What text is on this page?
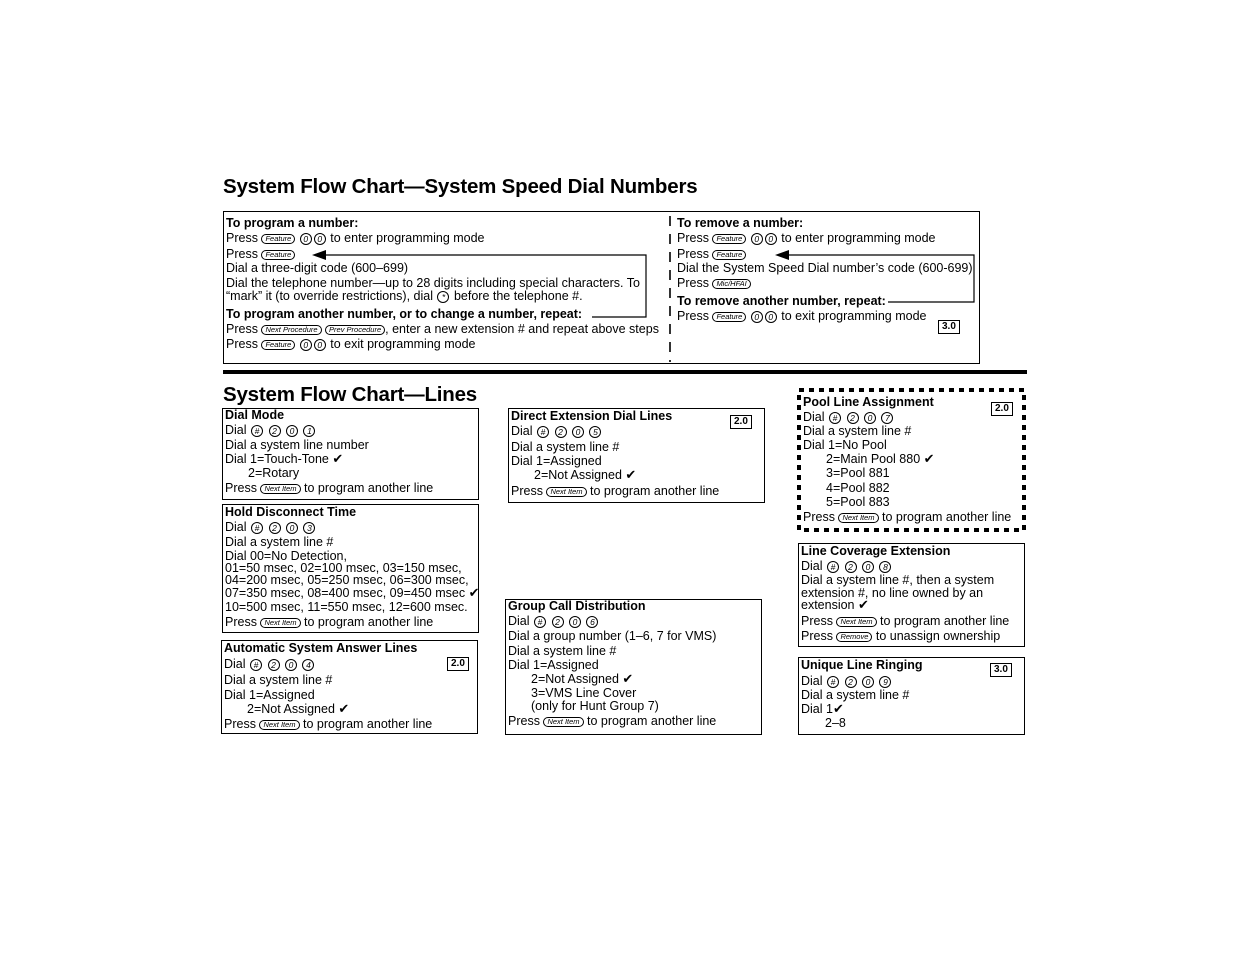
System Flow Chart—System Speed Dial Numbers
To program a number:
Press Feature 0 0 to enter programming mode
Press Feature
Dial a three-digit code (600–699)
Dial the telephone number—up to 28 digits including special characters. To
“mark” it (to override restrictions), dial * before the telephone #.
To program another number, or to change a number, repeat:
Press Next Procedure Prev Procedure , enter a new extension # and repeat above steps
Press Feature 0 0 to exit programming mode
To remove a number:
Press Feature 0 0 to enter programming mode
Press Feature
Dial the System Speed Dial number’s code (600-699)
Press Mic/HFAI
To remove another number, repeat:
Press Feature 0 0 to exit programming mode
3.0
System Flow Chart—Lines
Dial Mode
Dial # 2 0 1
Dial a system line number
Dial 1=Touch-Tone ✔
2=Rotary
Press Next Item to program another line
Hold Disconnect Time
Dial # 2 0 3
Dial a system line #
Dial 00=No Detection,
01=50 msec, 02=100 msec, 03=150 msec,
04=200 msec, 05=250 msec, 06=300 msec,
07=350 msec, 08=400 msec, 09=450 msec ✔
10=500 msec, 11=550 msec, 12=600 msec.
Press Next Item to program another line
Automatic System Answer Lines
2.0
Dial # 2 0 4
Dial a system line #
Dial 1=Assigned
2=Not Assigned ✔
Press Next Item to program another line
Direct Extension Dial Lines	2.0
Dial # 2 0 5
Dial a system line #
Dial 1=Assigned
2=Not Assigned ✔
Press Next Item to program another line
Group Call Distribution
Dial # 2 0 6
Dial a group number (1–6, 7 for VMS)
Dial a system line #
Dial 1=Assigned
2=Not Assigned ✔
3=VMS Line Cover
(only for Hunt Group 7)
Press Next Item to program another line
Pool Line Assignment	2.0
Dial # 2 0 7
Dial a system line #
Dial 1=No Pool
2=Main Pool 880 ✔
3=Pool 881
4=Pool 882
5=Pool 883
Press Next Item to program another line
Line Coverage Extension
Dial # 2 0 8
Dial a system line #, then a system
extension #, no line owned by an
extension ✔
Press Next Item to program another line
Press Remove to unassign ownership
Unique Line Ringing	3.0
Dial # 2 0 9
Dial a system line #
Dial 1✔
2–8
